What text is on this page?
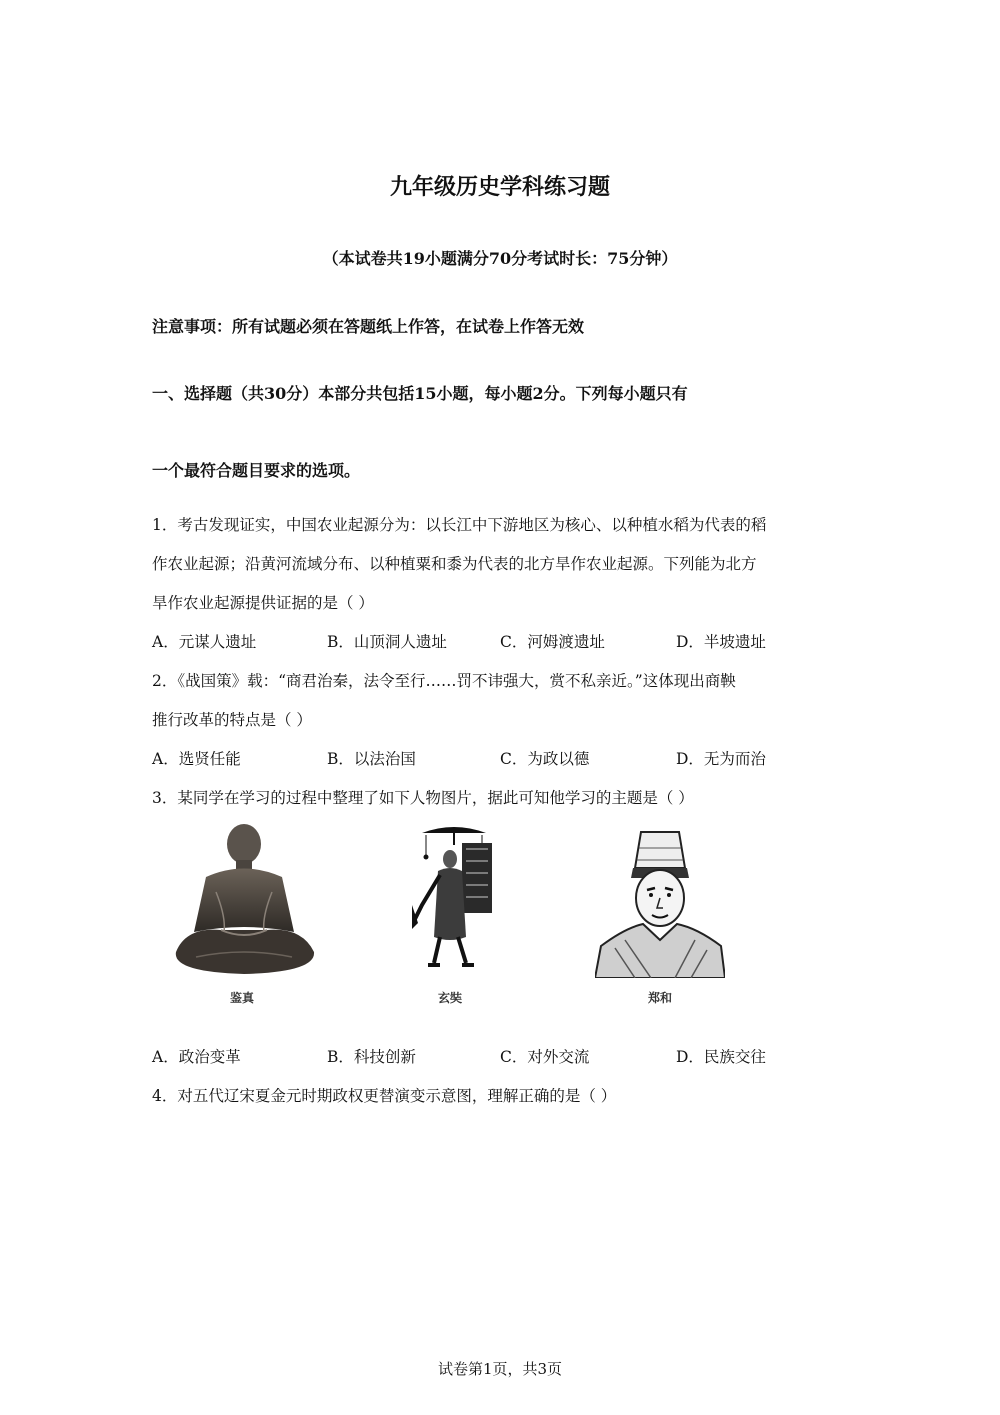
九年级历史学科练习题
（本试卷共19小题满分70分考试时长：75分钟）
注意事项：所有试题必须在答题纸上作答，在试卷上作答无效
一、选择题（共30分）本部分共包括15小题，每小题2分。下列每小题只有
一个最符合题目要求的选项。
1．考古发现证实，中国农业起源分为：以长江中下游地区为核心、以种植水稻为代表的稻
作农业起源；沿黄河流域分布、以种植粟和黍为代表的北方旱作农业起源。下列能为北方
旱作农业起源提供证据的是（ ）
A．元谋人遗址	B．山顶洞人遗址	C．河姆渡遗址	D．半坡遗址
2．《战国策》载：“商君治秦，法令至行……罚不讳强大，赏不私亲近。”这体现出商鞅
推行改革的特点是（ ）
A．选贤任能	B．以法治国	C．为政以德	D．无为而治
3．某同学在学习的过程中整理了如下人物图片，据此可知他学习的主题是（ ）
鉴真	玄奘	郑和
A．政治变革	B．科技创新	C．对外交流	D．民族交往
4．对五代辽宋夏金元时期政权更替演变示意图，理解正确的是（ ）
试卷第1页，共3页
